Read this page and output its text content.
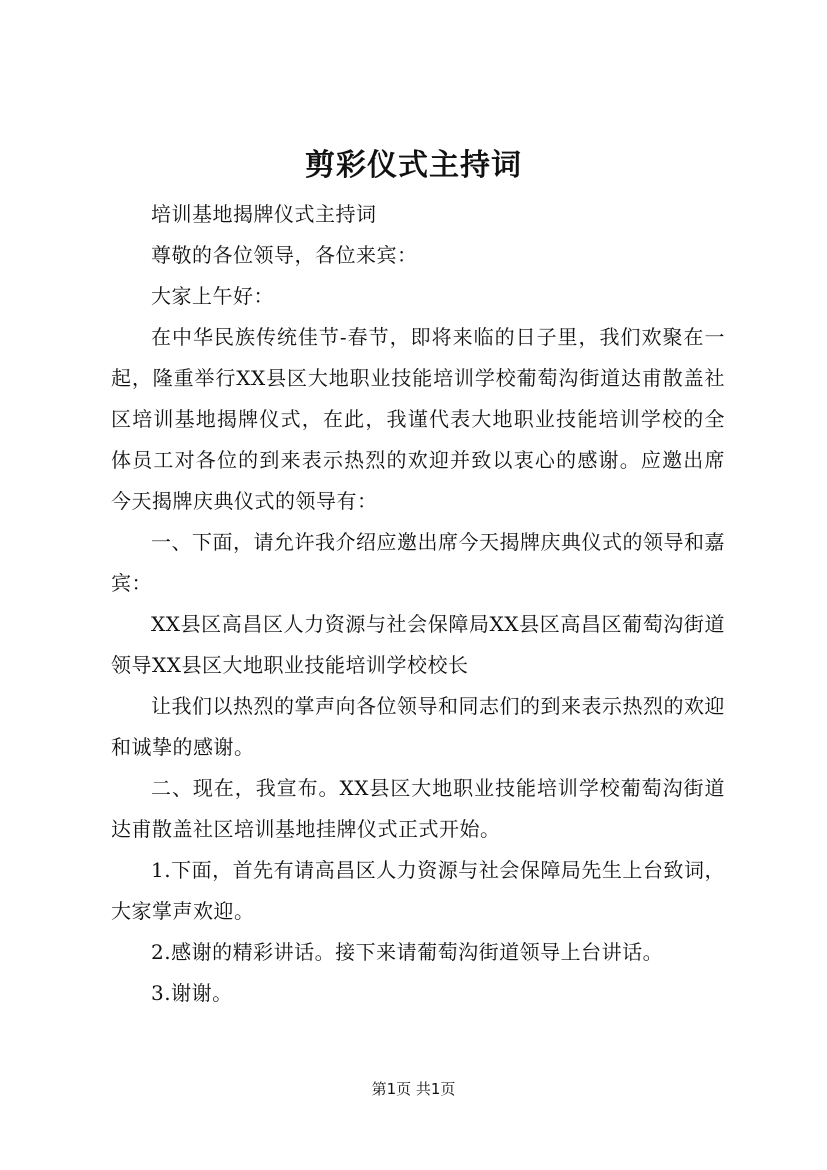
剪彩仪式主持词

培训基地揭牌仪式主持词

尊敬的各位领导，各位来宾：

大家上午好：

在中华民族传统佳节-春节，即将来临的日子里，我们欢聚在一起，隆重举行XX县区大地职业技能培训学校葡萄沟街道达甫散盖社区培训基地揭牌仪式，在此，我谨代表大地职业技能培训学校的全体员工对各位的到来表示热烈的欢迎并致以衷心的感谢。应邀出席今天揭牌庆典仪式的领导有：

一、下面，请允许我介绍应邀出席今天揭牌庆典仪式的领导和嘉宾：

XX县区高昌区人力资源与社会保障局XX县区高昌区葡萄沟街道领导XX县区大地职业技能培训学校校长

让我们以热烈的掌声向各位领导和同志们的到来表示热烈的欢迎和诚挚的感谢。

二、现在，我宣布。XX县区大地职业技能培训学校葡萄沟街道达甫散盖社区培训基地挂牌仪式正式开始。

1.下面，首先有请高昌区人力资源与社会保障局先生上台致词，大家掌声欢迎。

2.感谢的精彩讲话。接下来请葡萄沟街道领导上台讲话。

3.谢谢。

第1页 共1页
